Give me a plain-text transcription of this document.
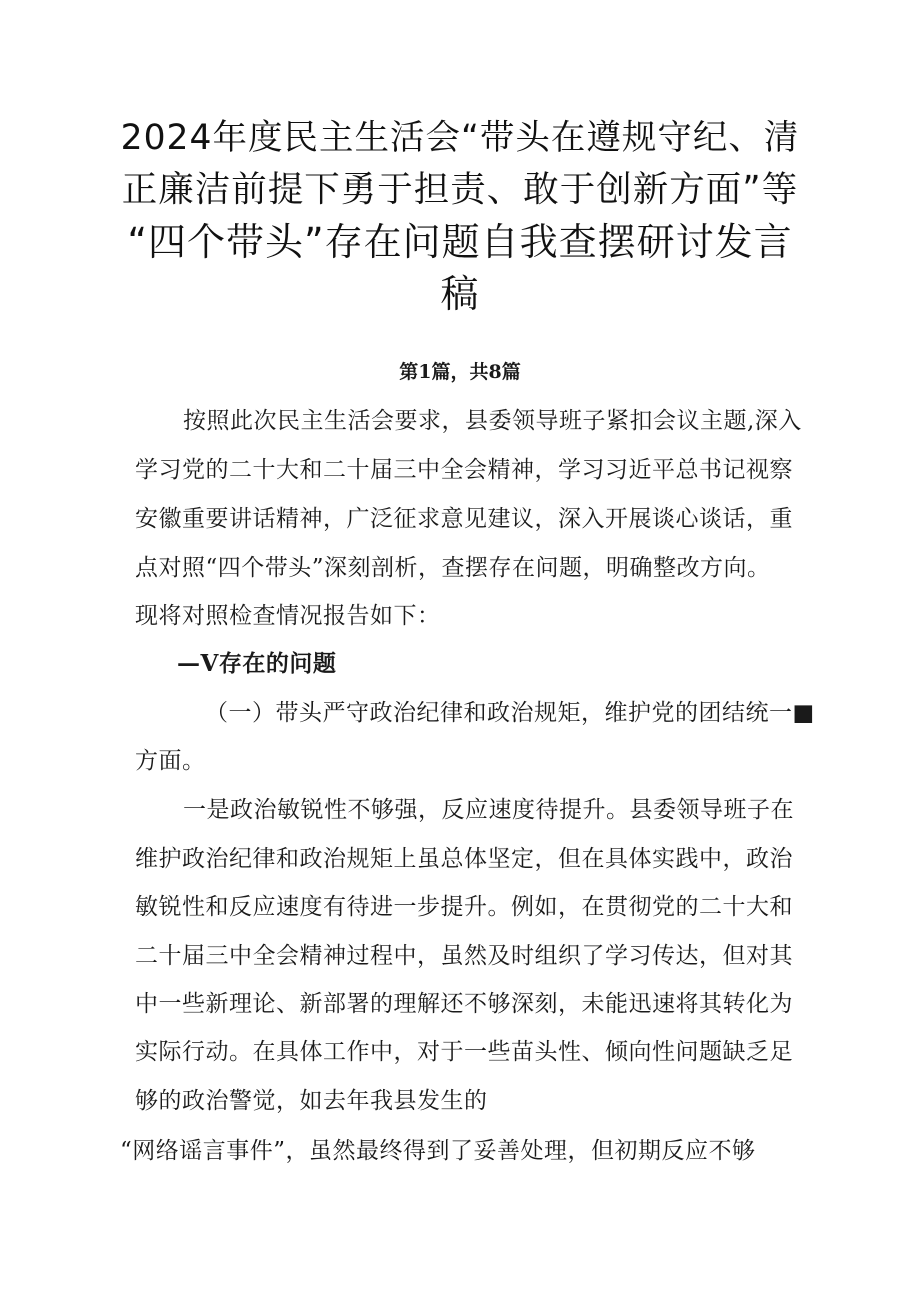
2024年度民主生活会“带头在遵规守纪、清
正廉洁前提下勇于担责、敢于创新方面”等
“四个带头”存在问题自我查摆研讨发言
稿
第1篇，共8篇
按照此次民主生活会要求，县委领导班子紧扣会议主题,深入
学习党的二十大和二十届三中全会精神，学习习近平总书记视察
安徽重要讲话精神，广泛征求意见建议，深入开展谈心谈话，重
点对照“四个带头”深刻剖析，查摆存在问题，明确整改方向。
现将对照检查情况报告如下：
—V存在的问题
（一）带头严守政治纪律和政治规矩，维护党的团结统一■
方面。
一是政治敏锐性不够强，反应速度待提升。县委领导班子在
维护政治纪律和政治规矩上虽总体坚定，但在具体实践中，政治
敏锐性和反应速度有待进一步提升。例如，在贯彻党的二十大和
二十届三中全会精神过程中，虽然及时组织了学习传达，但对其
中一些新理论、新部署的理解还不够深刻，未能迅速将其转化为
实际行动。在具体工作中，对于一些苗头性、倾向性问题缺乏足
够的政治警觉，如去年我县发生的
“网络谣言事件”，虽然最终得到了妥善处理，但初期反应不够
